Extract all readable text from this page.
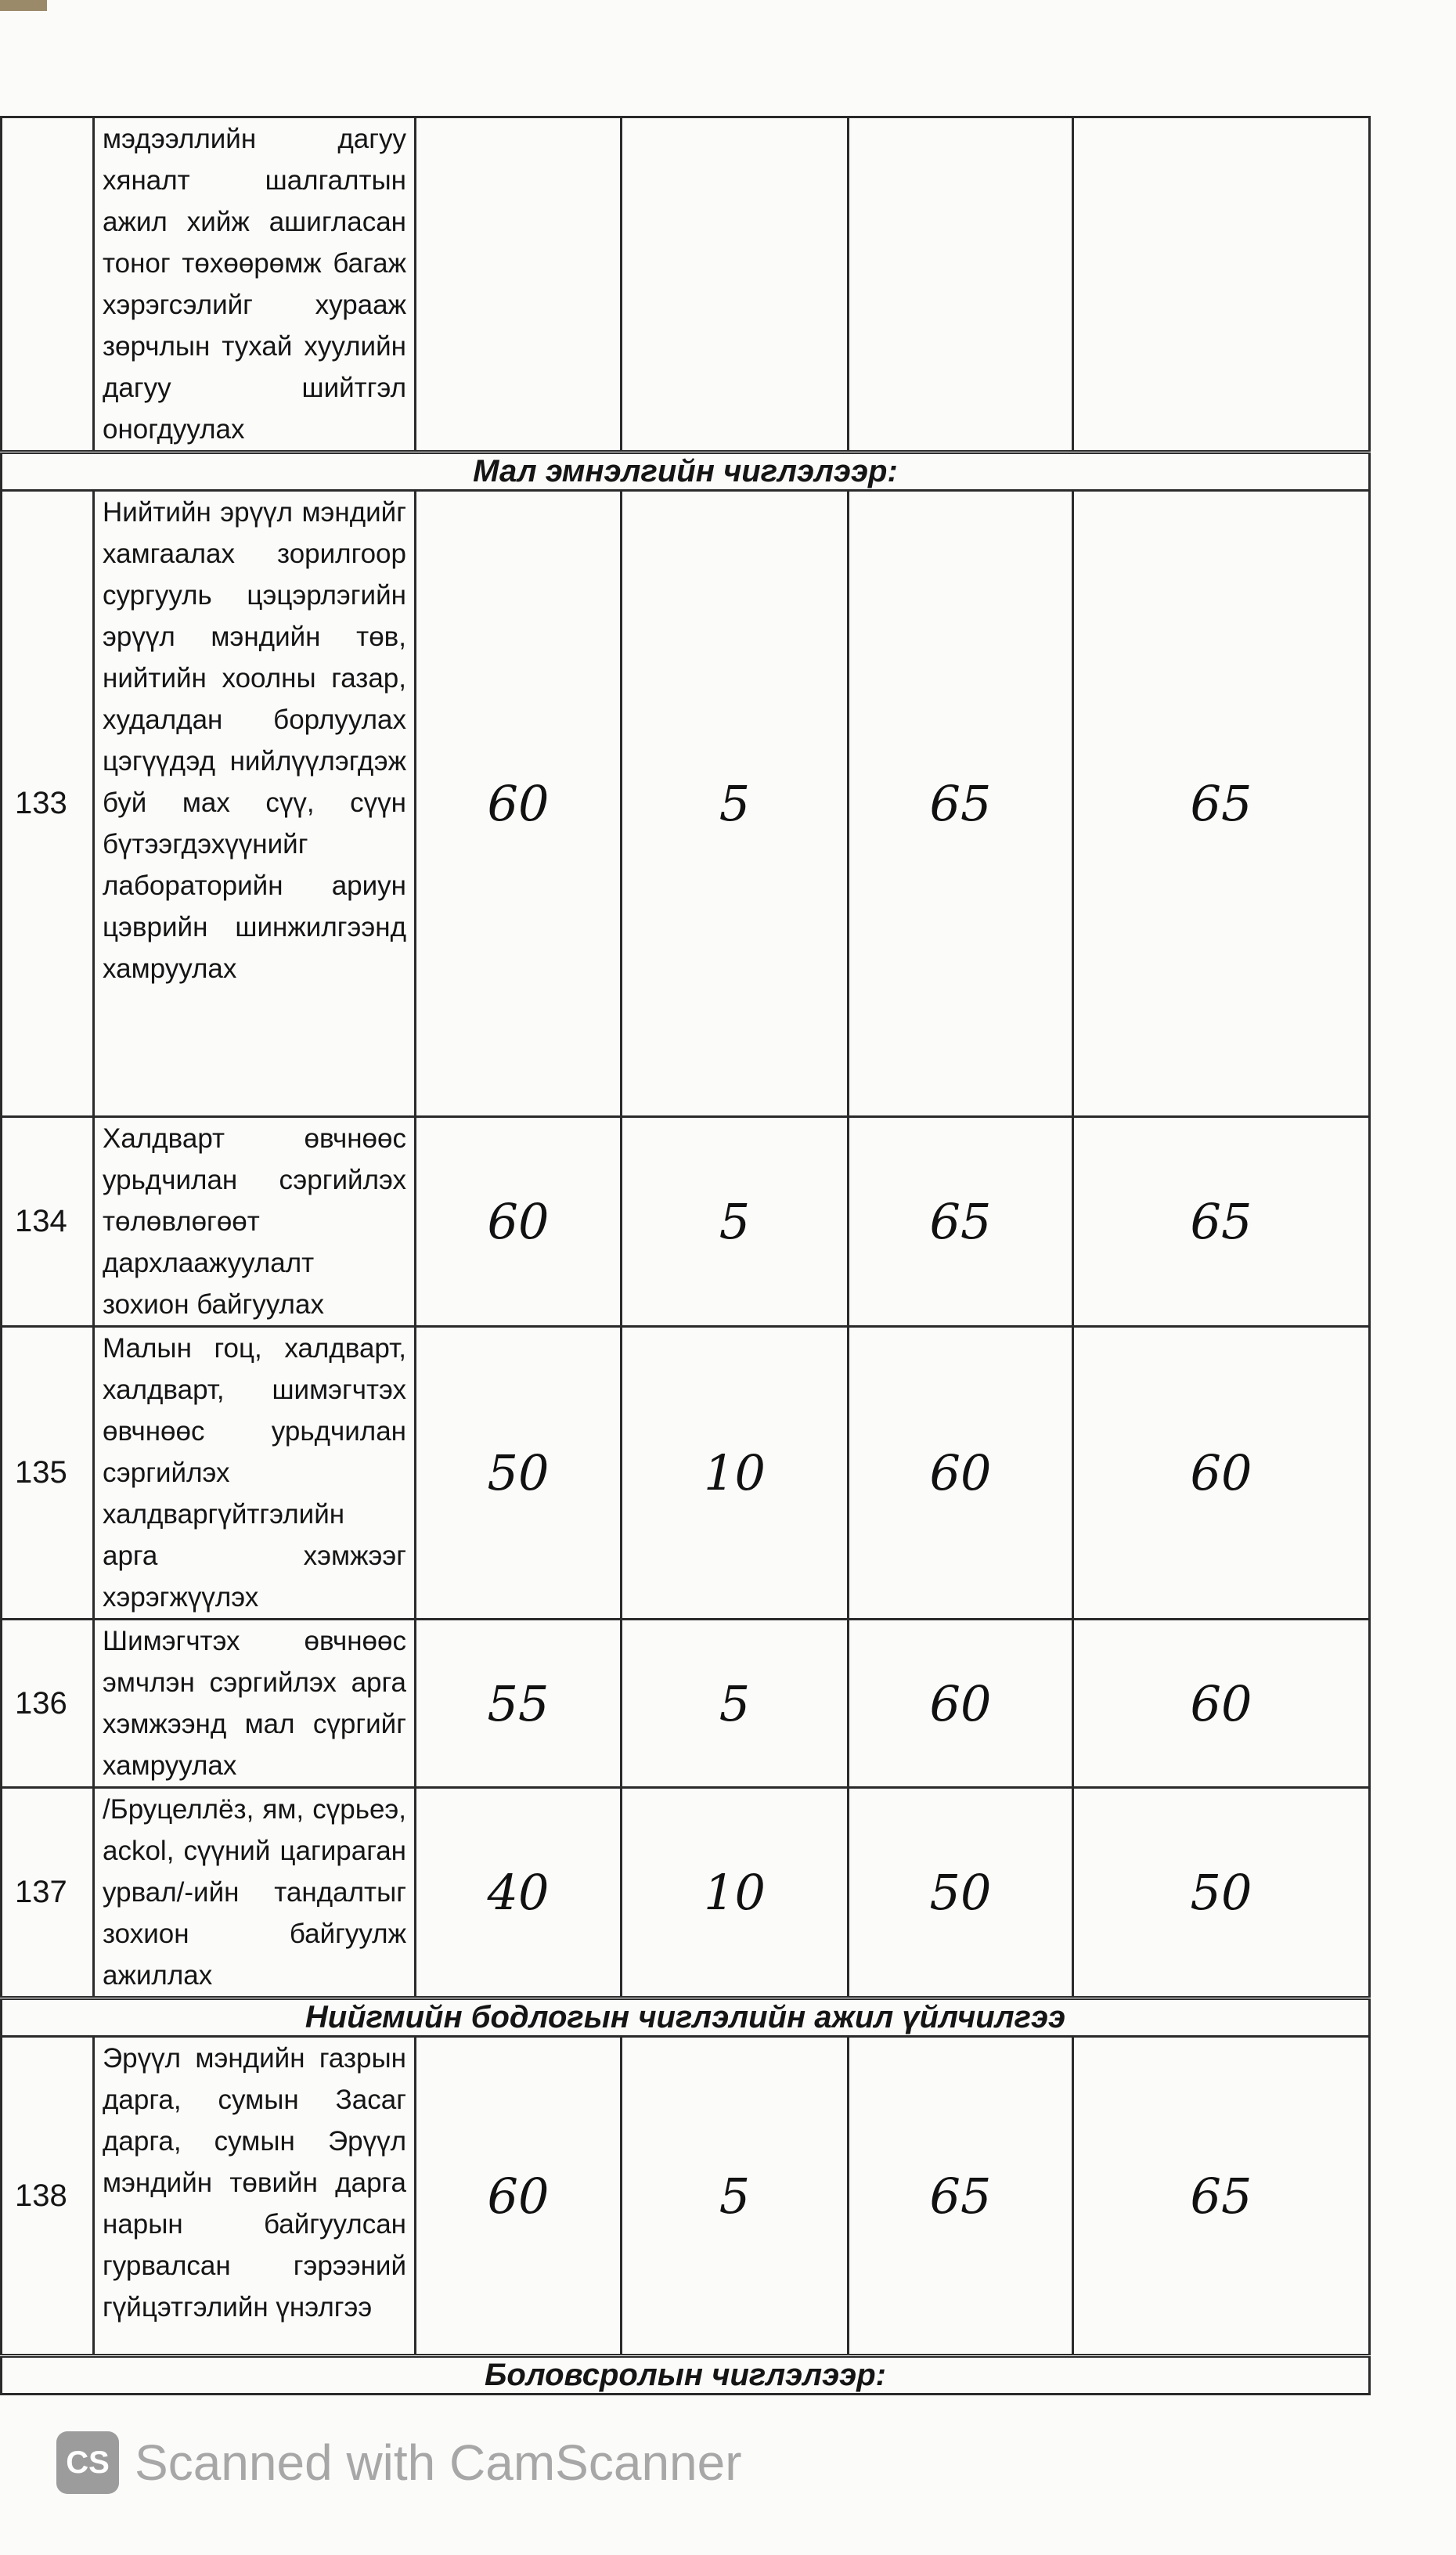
	мэдээллийн дагуу хяналт шалгалтын ажил хийж ашигласан тоног төхөөрөмж багаж хэрэгсэлийг хураaж зөрчлын тухай хуулийн дагуу шийтгэл оногдуулах				
Мал эмнэлгийн чиглэлээр:					
133	Нийтийн эрүүл мэндийг хамгаалах зорилгоор сургууль цэцэрлэгийн эрүүл мэндийн төв, нийтийн хоолны газар, худалдан борлуулах цэгүүдэд нийлүүлэгдэж буй мах сүү, сүүн бүтээгдэхүүнийг лабораторийн ариун цэврийн шинжилгээнд хамруулах	60	5	65	65
134	Халдварт өвчнөөс урьдчилан сэргийлэх төлөвлөгөөт дархлаажуулалт зохион байгуулах	60	5	65	65
135	Малын гоц, халдварт, халдварт, шимэгчтэх өвчнөөс урьдчилан сэргийлэх халдваргүйтгэлийн арга хэмжээг хэрэгжүүлэх	50	10	60	60
136	Шимэгчтэх өвчнөөс эмчлэн сэргийлэх арга хэмжээнд мал сүргийг хамруулах	55	5	60	60
137	/Бруцеллёз, ям, сүрьеэ, асkol, сүүний цагираган урвал/-ийн тандалтыг зохион байгуулж ажиллах	40	10	50	50
Нийгмийн бодлогын чиглэлийн ажил үйлчилгээ					
138	Эрүүл мэндийн газрын дарга, сумын Засаг дарга, сумын Эрүүл мэндийн төвийн дарга нарын байгуулсан гурвалсан гэрээний гүйцэтгэлийн үнэлгээ	60	5	65	65
Боловсролын чиглэлээр:					
CS Scanned with CamScanner
